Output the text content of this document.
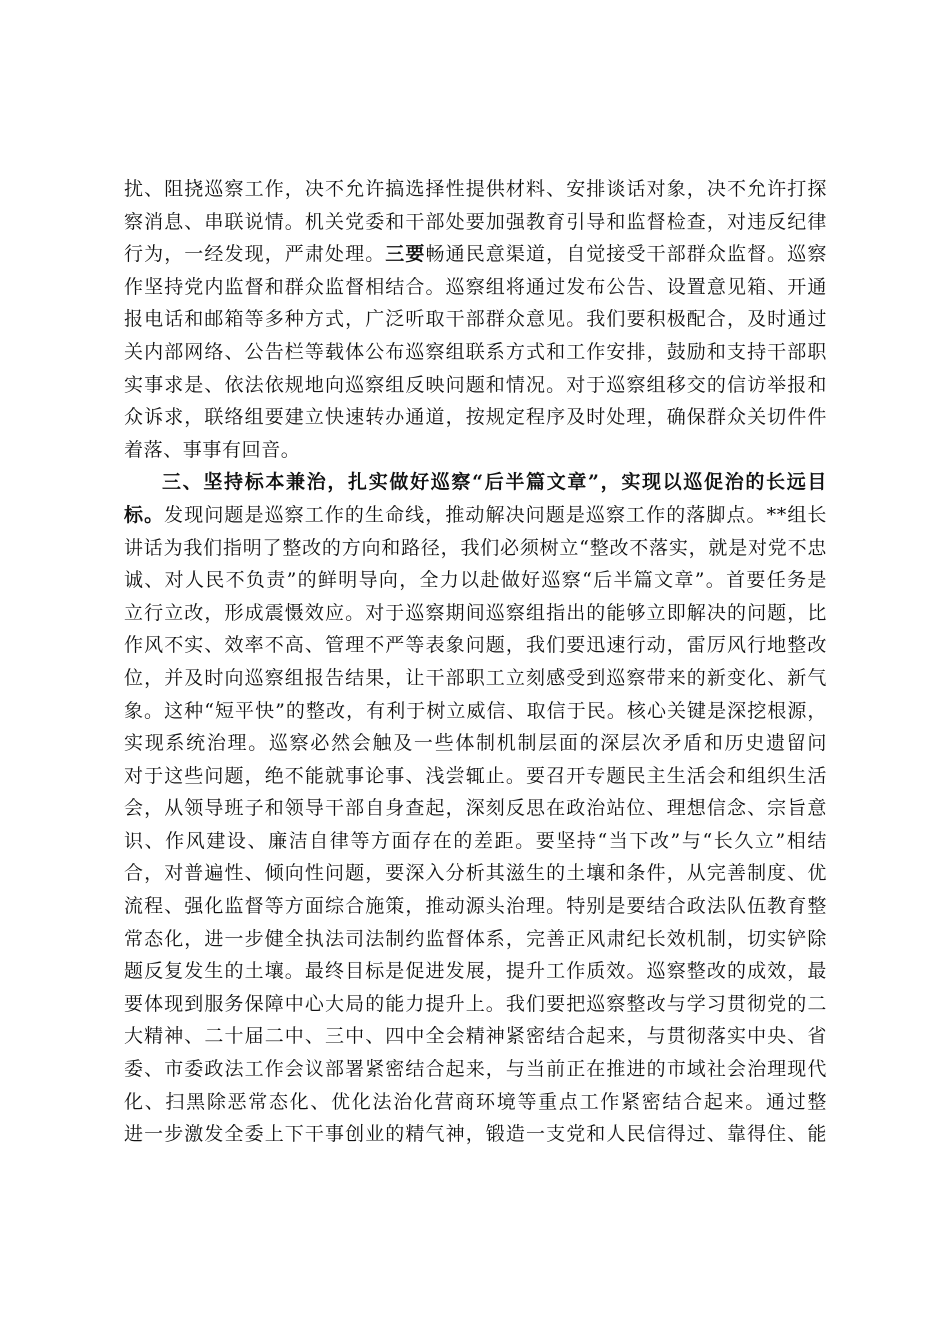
扰、阻挠巡察工作，决不允许搞选择性提供材料、安排谈话对象，决不允许打探
察消息、串联说情。机关党委和干部处要加强教育引导和监督检查，对违反纪律
行为，一经发现，严肃处理。三要畅通民意渠道，自觉接受干部群众监督。巡察
作坚持党内监督和群众监督相结合。巡察组将通过发布公告、设置意见箱、开通
报电话和邮箱等多种方式，广泛听取干部群众意见。我们要积极配合，及时通过
关内部网络、公告栏等载体公布巡察组联系方式和工作安排，鼓励和支持干部职
实事求是、依法依规地向巡察组反映问题和情况。对于巡察组移交的信访举报和
众诉求，联络组要建立快速转办通道，按规定程序及时处理，确保群众关切件件
着落、事事有回音。
三、坚持标本兼治，扎实做好巡察“后半篇文章”，实现以巡促治的长远目
标。发现问题是巡察工作的生命线，推动解决问题是巡察工作的落脚点。**组长
讲话为我们指明了整改的方向和路径，我们必须树立“整改不落实，就是对党不忠
诚、对人民不负责”的鲜明导向，全力以赴做好巡察“后半篇文章”。首要任务是
立行立改，形成震慑效应。对于巡察期间巡察组指出的能够立即解决的问题，比
作风不实、效率不高、管理不严等表象问题，我们要迅速行动，雷厉风行地整改
位，并及时向巡察组报告结果，让干部职工立刻感受到巡察带来的新变化、新气
象。这种“短平快”的整改，有利于树立威信、取信于民。核心关键是深挖根源，
实现系统治理。巡察必然会触及一些体制机制层面的深层次矛盾和历史遗留问
对于这些问题，绝不能就事论事、浅尝辄止。要召开专题民主生活会和组织生活
会，从领导班子和领导干部自身查起，深刻反思在政治站位、理想信念、宗旨意
识、作风建设、廉洁自律等方面存在的差距。要坚持“当下改”与“长久立”相结
合，对普遍性、倾向性问题，要深入分析其滋生的土壤和条件，从完善制度、优
流程、强化监督等方面综合施策，推动源头治理。特别是要结合政法队伍教育整
常态化，进一步健全执法司法制约监督体系，完善正风肃纪长效机制，切实铲除
题反复发生的土壤。最终目标是促进发展，提升工作质效。巡察整改的成效，最
要体现到服务保障中心大局的能力提升上。我们要把巡察整改与学习贯彻党的二
大精神、二十届二中、三中、四中全会精神紧密结合起来，与贯彻落实中央、省
委、市委政法工作会议部署紧密结合起来，与当前正在推进的市域社会治理现代
化、扫黑除恶常态化、优化法治化营商环境等重点工作紧密结合起来。通过整
进一步激发全委上下干事创业的精气神，锻造一支党和人民信得过、靠得住、能
